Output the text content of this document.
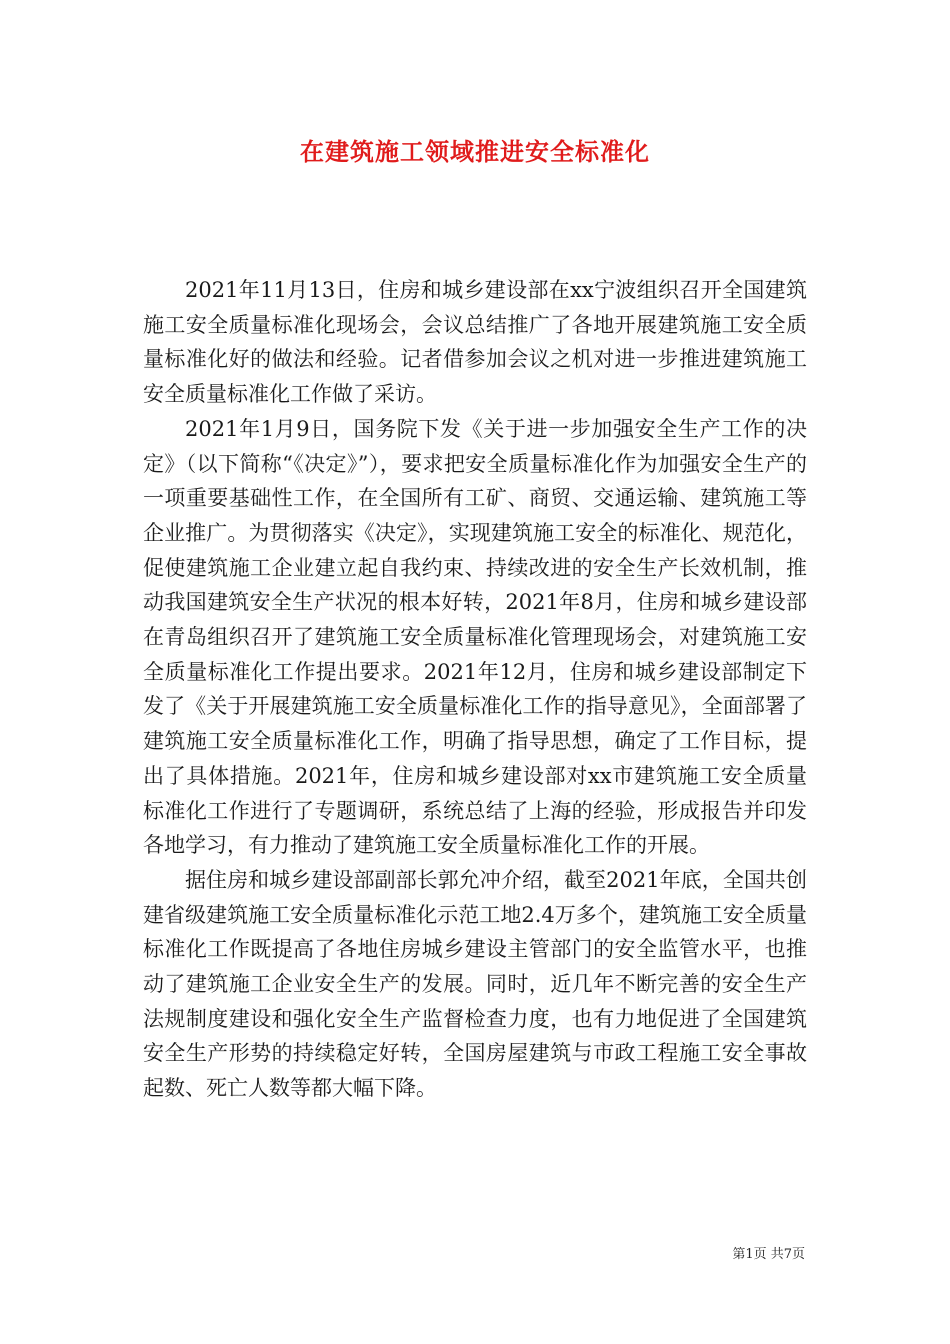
在建筑施工领域推进安全标准化

2021年11月13日，住房和城乡建设部在xx宁波组织召开全国建筑施工安全质量标准化现场会，会议总结推广了各地开展建筑施工安全质量标准化好的做法和经验。记者借参加会议之机对进一步推进建筑施工安全质量标准化工作做了采访。

2021年1月9日，国务院下发《关于进一步加强安全生产工作的决定》（以下简称“《决定》”），要求把安全质量标准化作为加强安全生产的一项重要基础性工作，在全国所有工矿、商贸、交通运输、建筑施工等企业推广。为贯彻落实《决定》，实现建筑施工安全的标准化、规范化，促使建筑施工企业建立起自我约束、持续改进的安全生产长效机制，推动我国建筑安全生产状况的根本好转，2021年8月，住房和城乡建设部在青岛组织召开了建筑施工安全质量标准化管理现场会，对建筑施工安全质量标准化工作提出要求。2021年12月，住房和城乡建设部制定下发了《关于开展建筑施工安全质量标准化工作的指导意见》，全面部署了建筑施工安全质量标准化工作，明确了指导思想，确定了工作目标，提出了具体措施。2021年，住房和城乡建设部对xx市建筑施工安全质量标准化工作进行了专题调研，系统总结了上海的经验，形成报告并印发各地学习，有力推动了建筑施工安全质量标准化工作的开展。

据住房和城乡建设部副部长郭允冲介绍，截至2021年底，全国共创建省级建筑施工安全质量标准化示范工地2.4万多个，建筑施工安全质量标准化工作既提高了各地住房城乡建设主管部门的安全监管水平，也推动了建筑施工企业安全生产的发展。同时，近几年不断完善的安全生产法规制度建设和强化安全生产监督检查力度，也有力地促进了全国建筑安全生产形势的持续稳定好转，全国房屋建筑与市政工程施工安全事故起数、死亡人数等都大幅下降。

第1页 共7页
